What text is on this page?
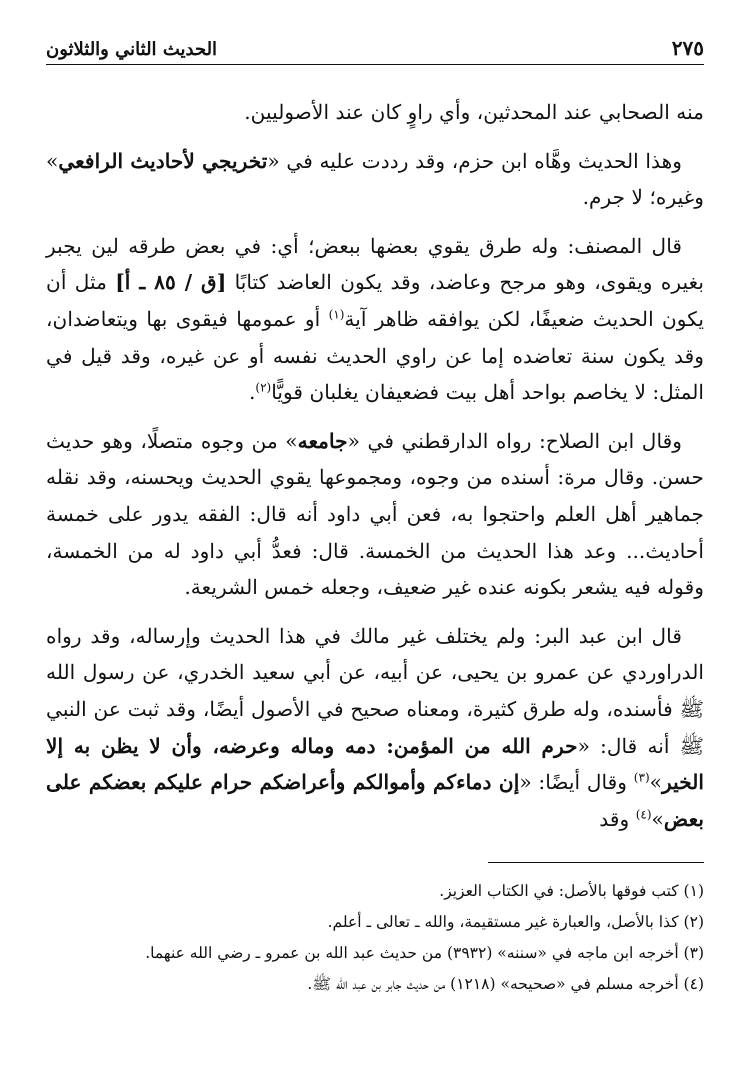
الحديث الثاني والثلاثون	٢٧٥

منه الصحابي عند المحدثين، وأي راوٍ كان عند الأصوليين.

وهذا الحديث وهَّاه ابن حزم، وقد رددت عليه في «تخريجي لأحاديث الرافعي» وغيره؛ لا جرم.

قال المصنف: وله طرق يقوي بعضها ببعض؛ أي: في بعض طرقه لين يجبر بغيره ويقوى، وهو مرجح وعاضد، وقد يكون العاضد كتابًا [ق / ٨٥ ـ أ] مثل أن يكون الحديث ضعيفًا، لكن يوافقه ظاهر آية$^{(١)}$ أو عمومها فيقوى بها ويتعاضدان، وقد يكون سنة تعاضده إما عن راوي الحديث نفسه أو عن غيره، وقد قيل في المثل: لا يخاصم بواحد أهل بيت فضعيفان يغلبان قويًّا$^{(٢)}$.

وقال ابن الصلاح: رواه الدارقطني في «جامعه» من وجوه متصلًا، وهو حديث حسن. وقال مرة: أسنده من وجوه، ومجموعها يقوي الحديث ويحسنه، وقد نقله جماهير أهل العلم واحتجوا به، فعن أبي داود أنه قال: الفقه يدور على خمسة أحاديث... وعد هذا الحديث من الخمسة. قال: فعدُّ أبي داود له من الخمسة، وقوله فيه يشعر بكونه عنده غير ضعيف، وجعله خمس الشريعة.

قال ابن عبد البر: ولم يختلف غير مالك في هذا الحديث وإرساله، وقد رواه الدراوردي عن عمرو بن يحيى، عن أبيه، عن أبي سعيد الخدري، عن رسول الله ﷺ فأسنده، وله طرق كثيرة، ومعناه صحيح في الأصول أيضًا، وقد ثبت عن النبي ﷺ أنه قال: «حرم الله من المؤمن: دمه وماله وعرضه، وأن لا يظن به إلا الخير»$^{(٣)}$ وقال أيضًا: «إن دماءكم وأموالكم وأعراضكم حرام عليكم بعضكم على بعض»$^{(٤)}$ وقد

(١) كتب فوقها بالأصل: في الكتاب العزيز.
(٢) كذا بالأصل، والعبارة غير مستقيمة، والله ـ تعالى ـ أعلم.
(٣) أخرجه ابن ماجه في «سننه» (٣٩٣٢) من حديث عبد الله بن عمرو ـ رضي الله عنهما.
(٤) أخرجه مسلم في «صحيحه» (١٢١٨) من حديث جابر بن عبد الله ﷺ.
